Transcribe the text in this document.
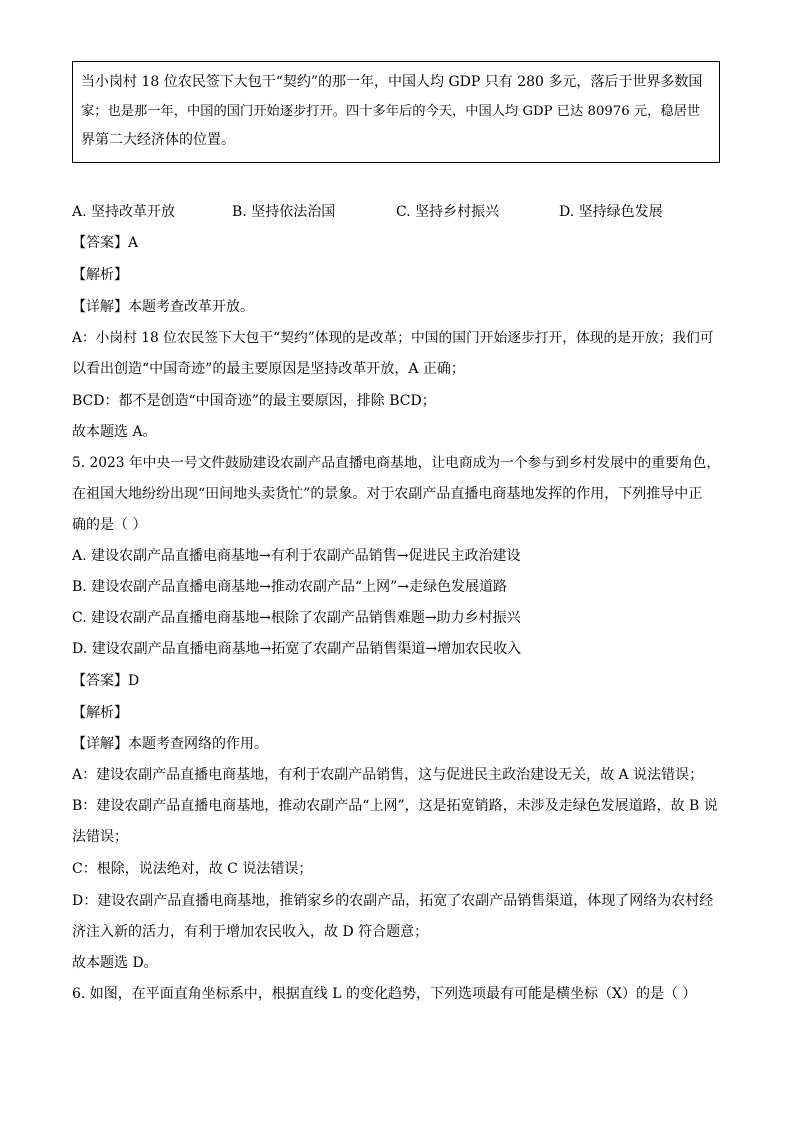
当小岗村 18 位农民签下大包干“契约”的那一年，中国人均 GDP 只有 280 多元，落后于世界多数国
家；也是那一年，中国的国门开始逐步打开。四十多年后的今天，中国人均 GDP 已达 80976 元，稳居世
界第二大经济体的位置。
A. 坚持改革开放	B. 坚持依法治国	C. 坚持乡村振兴	D. 坚持绿色发展
【答案】A
【解析】
【详解】本题考查改革开放。
A：小岗村 18 位农民签下大包干“契约”体现的是改革；中国的国门开始逐步打开，体现的是开放；我们可
以看出创造“中国奇迹”的最主要原因是坚持改革开放，A 正确；
BCD：都不是创造“中国奇迹”的最主要原因，排除 BCD；
故本题选 A。
5. 2023 年中央一号文件鼓励建设农副产品直播电商基地，让电商成为一个参与到乡村发展中的重要角色，
在祖国大地纷纷出现“田间地头卖货忙”的景象。对于农副产品直播电商基地发挥的作用，下列推导中正
确的是（ ）
A. 建设农副产品直播电商基地→有利于农副产品销售→促进民主政治建设
B. 建设农副产品直播电商基地→推动农副产品“上网”→走绿色发展道路
C. 建设农副产品直播电商基地→根除了农副产品销售难题→助力乡村振兴
D. 建设农副产品直播电商基地→拓宽了农副产品销售渠道→增加农民收入
【答案】D
【解析】
【详解】本题考查网络的作用。
A：建设农副产品直播电商基地，有利于农副产品销售，这与促进民主政治建设无关，故 A 说法错误；
B：建设农副产品直播电商基地，推动农副产品“上网”，这是拓宽销路，未涉及走绿色发展道路，故 B 说
法错误；
C：根除，说法绝对，故 C 说法错误；
D：建设农副产品直播电商基地，推销家乡的农副产品，拓宽了农副产品销售渠道，体现了网络为农村经
济注入新的活力，有利于增加农民收入，故 D 符合题意；
故本题选 D。
6. 如图，在平面直角坐标系中，根据直线 L 的变化趋势，下列选项最有可能是横坐标（X）的是（ ）
